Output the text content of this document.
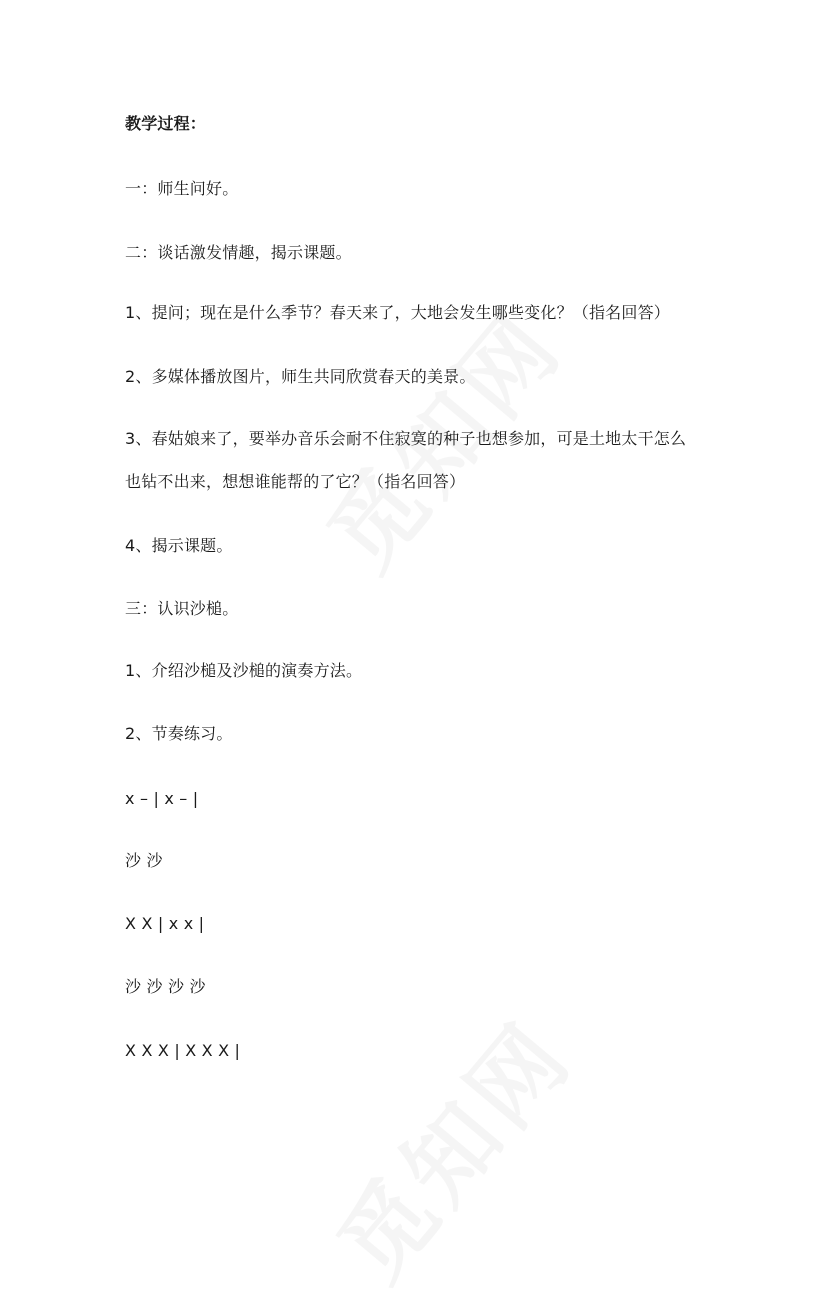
教学过程：
一：师生问好。
二：谈话激发情趣，揭示课题。
1、提问；现在是什么季节？春天来了，大地会发生哪些变化？（指名回答）
2、多媒体播放图片，师生共同欣赏春天的美景。
3、春姑娘来了，要举办音乐会耐不住寂寞的种子也想参加，可是土地太干怎么
也钻不出来，想想谁能帮的了它？（指名回答）
4、揭示课题。
三：认识沙槌。
1、介绍沙槌及沙槌的演奏方法。
2、节奏练习。
x – | x – |
沙 沙
X X | x x |
沙 沙 沙 沙
X X X | X X X |
